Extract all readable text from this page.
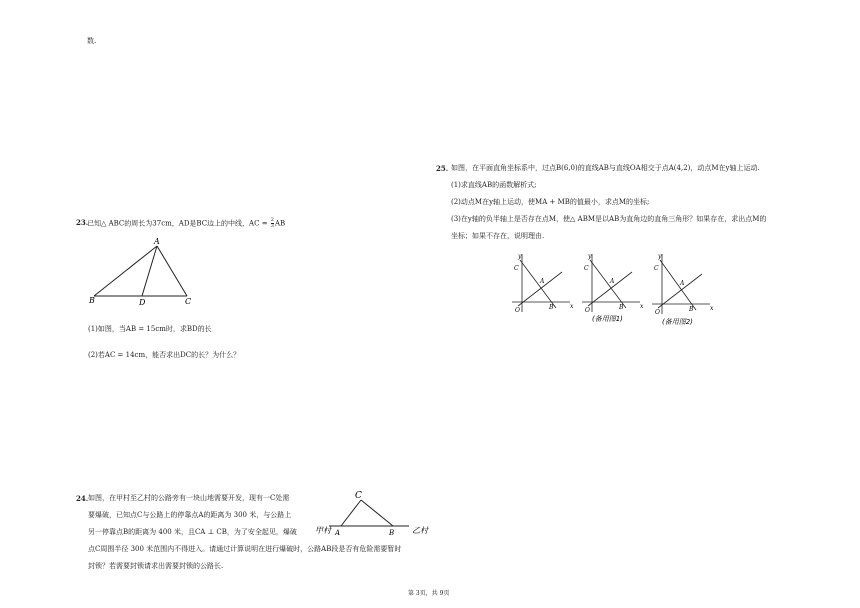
数.
23.
已知△ ABC的周长为37cm，AD是BC边上的中线，AC = $\frac{2}{3}$ AB
A
B	D	C
(1)如图，当AB = 15cm时，求BD的长
(2)若AC = 14cm，能否求出DC的长？为什么？
24. 如图，在甲村至乙村的公路旁有一块山地需要开发，现有一C处需
要爆破，已知点C与公路上的停靠点A的距离为 300 米，与公路上
另一停靠点B的距离为 400 米，且CA ⊥ CB，为了安全起见，爆破
点C周围半径 300 米范围内不得进入。请通过计算说明在进行爆破时，公路AB段是否有危险需要暂时
封锁？若需要封锁请求出需要封锁的公路长.
C
A	B
甲村	乙村
25. 如图，在平面直角坐标系中，过点B(6,0)的直线AB与直线OA相交于点A(4,2)，动点M在y轴上运动.
(1)求直线AB的函数解析式;
(2)动点M在y轴上运动，使MA + MB的值最小，求点M的坐标;
(3)在y轴的负半轴上是否存在点M，使△ ABM是以AB为直角边的直角三角形？如果存在，求出点M的
坐标；如果不存在，说明理由.
y
x
C
A
B
O
y
x
C
A
B
O
(备用图1)
y
x
C
A
B
O
(备用图2)
第 3页，共 9页
